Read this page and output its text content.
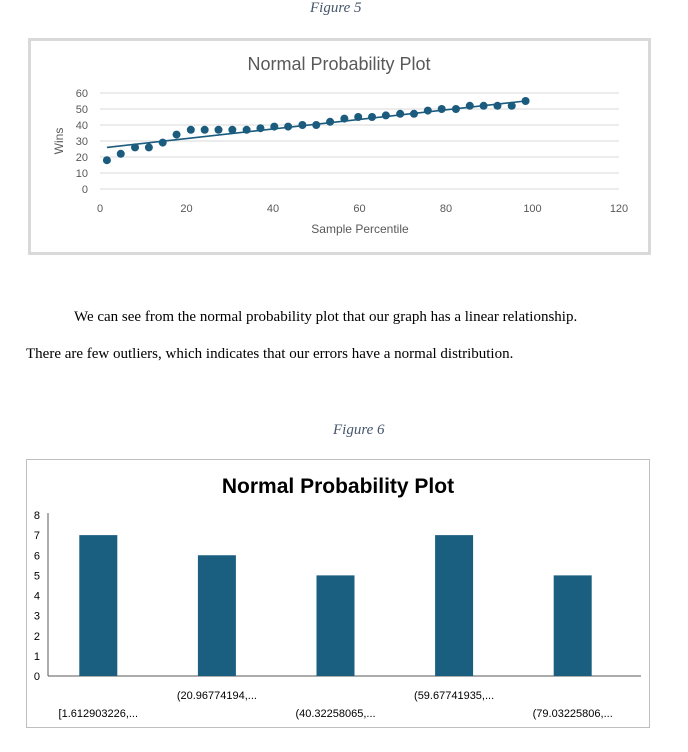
Figure 5
Normal Probability Plot
0
10
20
30
40
50
60
0	20	40	60	80	100	120
Sample Percentile
Wins
We can see from the normal probability plot that our graph has a linear relationship.
There are few outliers, which indicates that our errors have a normal distribution.
Figure 6
Normal Probability Plot
0
1
2
3
4
5
6
7
8
[1.612903226,...
(20.96774194,...
(40.32258065,...
(59.67741935,...
(79.03225806,...
